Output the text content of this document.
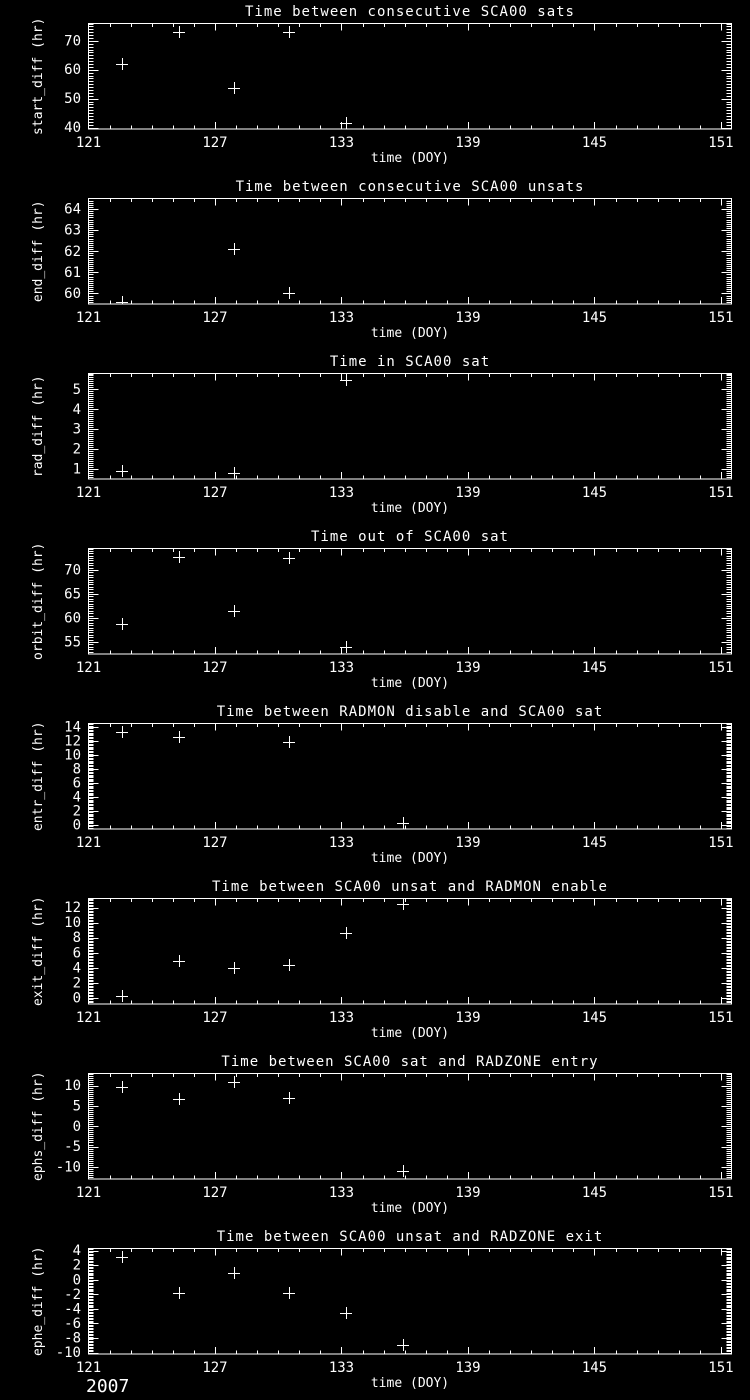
Time between consecutive SCA00 sats
121	127	133	139	145	151
40
50
60
70
time (DOY)
start_diff (hr)
Time between consecutive SCA00 unsats
121	127	133	139	145	151
60
61
62
63
64
time (DOY)
end_diff (hr)
Time in SCA00 sat
121	127	133	139	145	151
1
2
3
4
5
time (DOY)
rad_diff (hr)
Time out of SCA00 sat
121	127	133	139	145	151
55
60
65
70
time (DOY)
orbit_diff (hr)
Time between RADMON disable and SCA00 sat
121	127	133	139	145	151
0
2
4
6
8
10
12
14
time (DOY)
entr_diff (hr)
Time between SCA00 unsat and RADMON enable
121	127	133	139	145	151
0
2
4
6
8
10
12
time (DOY)
exit_diff (hr)
Time between SCA00 sat and RADZONE entry
121	127	133	139	145	151
-10
-5
0
5
10
time (DOY)
ephs_diff (hr)
Time between SCA00 unsat and RADZONE exit
121	127	133	139	145	151
-10
-8
-6
-4
-2
0
2
4
time (DOY)
ephe_diff (hr)
2007
